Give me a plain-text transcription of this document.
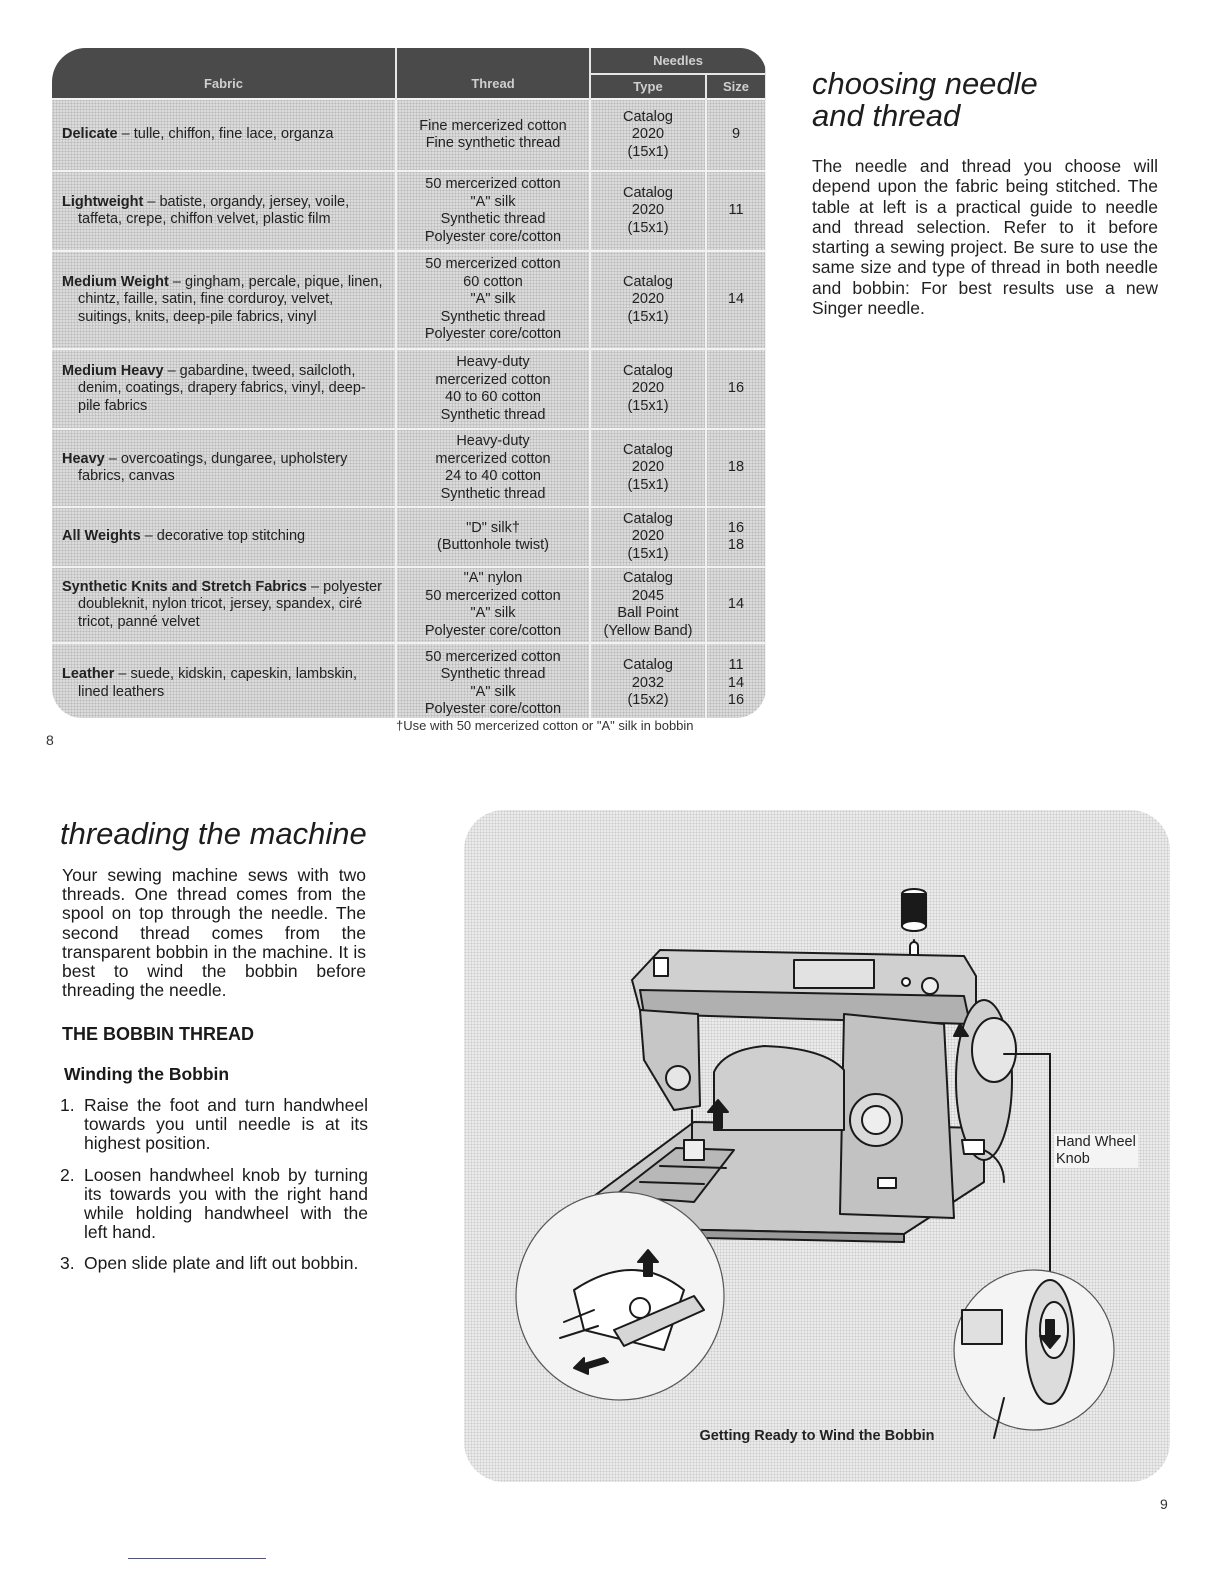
Fabric	Thread	Needles	
		Type	Size

Delicate – tulle, chiffon, fine lace, organza	Fine mercerized cotton
Fine synthetic thread	Catalog
2020
(15x1)	9

Lightweight – batiste, organdy, jersey, voile, taffeta, crepe, chiffon velvet, plastic film	50 mercerized cotton
"A" silk
Synthetic thread
Polyester core/cotton	Catalog
2020
(15x1)	11

Medium Weight – gingham, percale, pique, linen, chintz, faille, satin, fine corduroy, velvet, suitings, knits, deep-pile fabrics, vinyl	50 mercerized cotton
60 cotton
"A" silk
Synthetic thread
Polyester core/cotton	Catalog
2020
(15x1)	14

Medium Heavy – gabardine, tweed, sailcloth, denim, coatings, drapery fabrics, vinyl, deep-pile fabrics	Heavy-duty
mercerized cotton
40 to 60 cotton
Synthetic thread	Catalog
2020
(15x1)	16

Heavy – overcoatings, dungaree, upholstery fabrics, canvas	Heavy-duty
mercerized cotton
24 to 40 cotton
Synthetic thread	Catalog
2020
(15x1)	18

All Weights – decorative top stitching	"D" silk†
(Buttonhole twist)	Catalog
2020
(15x1)	16
18

Synthetic Knits and Stretch Fabrics – polyester doubleknit, nylon tricot, jersey, spandex, ciré tricot, panné velvet	"A" nylon
50 mercerized cotton
"A" silk
Polyester core/cotton	Catalog
2045
Ball Point
(Yellow Band)	14

Leather – suede, kidskin, capeskin, lambskin, lined leathers	50 mercerized cotton
Synthetic thread
"A" silk
Polyester core/cotton	Catalog
2032
(15x2)	11
14
16
†Use with 50 mercerized cotton or "A" silk in bobbin
8
choosing needle
and thread

The needle and thread you choose will depend upon the fabric being stitched. The table at left is a practical guide to needle and thread selection. Refer to it before starting a sewing project. Be sure to use the same size and type of thread in both needle and bobbin: For best results use a new Singer needle.

threading the machine

Your sewing machine sews with two threads. One thread comes from the spool on top through the needle. The second thread comes from the transparent bobbin in the machine. It is best to wind the bobbin before threading the needle.

THE BOBBIN THREAD
Winding the Bobbin
1. Raise the foot and turn handwheel towards you until needle is at its highest position.
2. Loosen handwheel knob by turning its towards you with the right hand while holding handwheel with the left hand.
3. Open slide plate and lift out bobbin.
Hand Wheel
Knob
Getting Ready to Wind the Bobbin
9
